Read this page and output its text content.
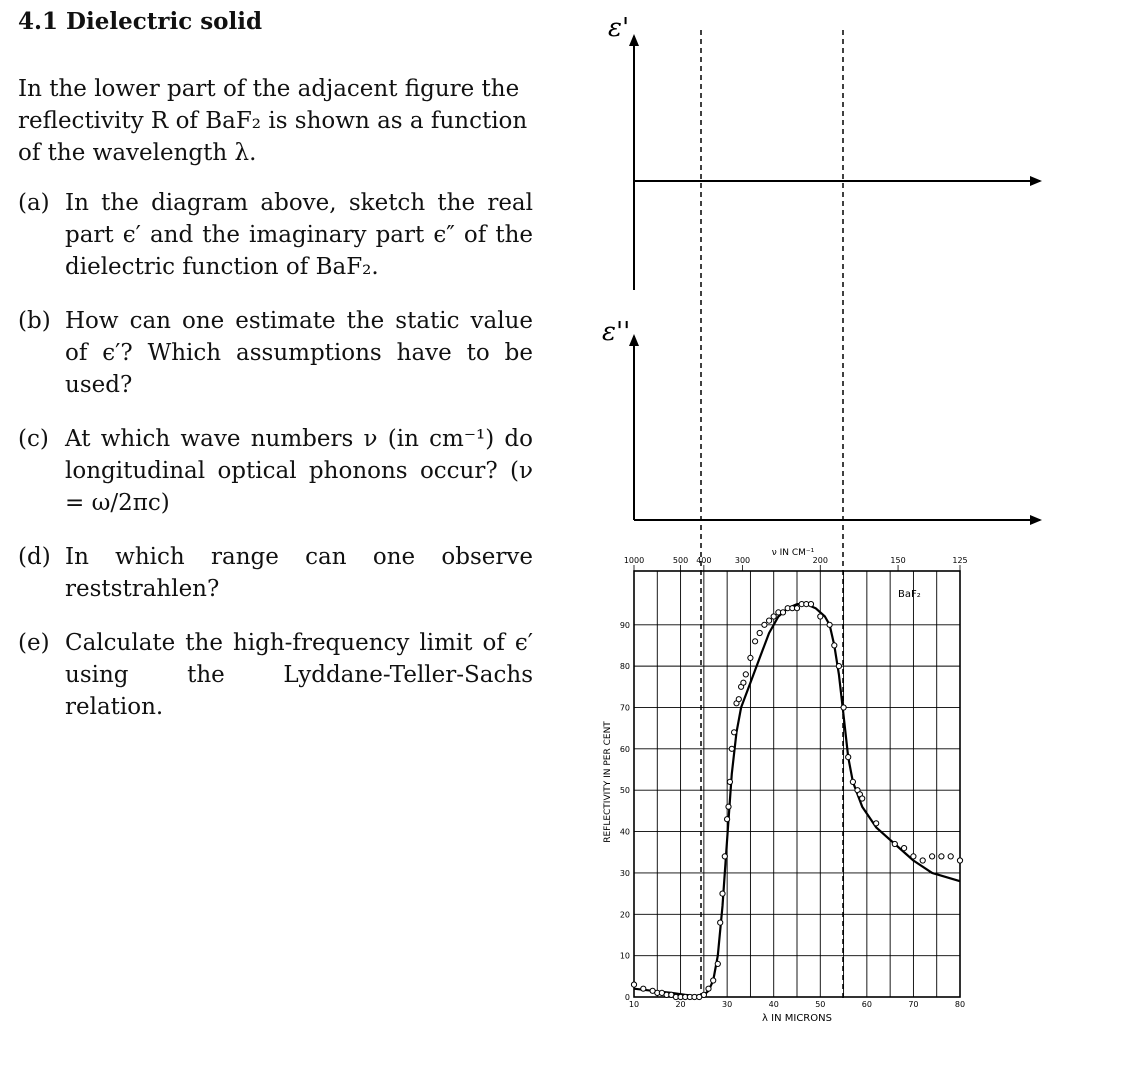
4.1 Dielectric solid

In the lower part of the adjacent figure the reflectivity R of BaF₂ is shown as a function of the wavelength λ.

(a) In the diagram above, sketch the real part ϵ′ and the imaginary part ϵ″ of the dielectric function of BaF₂.
(b) How can one estimate the static value of ϵ′? Which assumptions have to be used?
(c) At which wave numbers ν (in cm⁻¹) do longitudinal optical phonons occur? (ν = ω/2πc)
(d) In which range can one observe reststrahlen?
(e) Calculate the high-frequency limit of ϵ′ using the Lyddane-Teller-Sachs relation.
ε'
ε''
0
10
20
30
40
50
60
70
80
90
10	20	30	40	50	60	70	80
1000	500 400	300	200	150	125
BaF₂
λ IN MICRONS
ν IN CM⁻¹
REFLECTIVITY IN PER CENT
